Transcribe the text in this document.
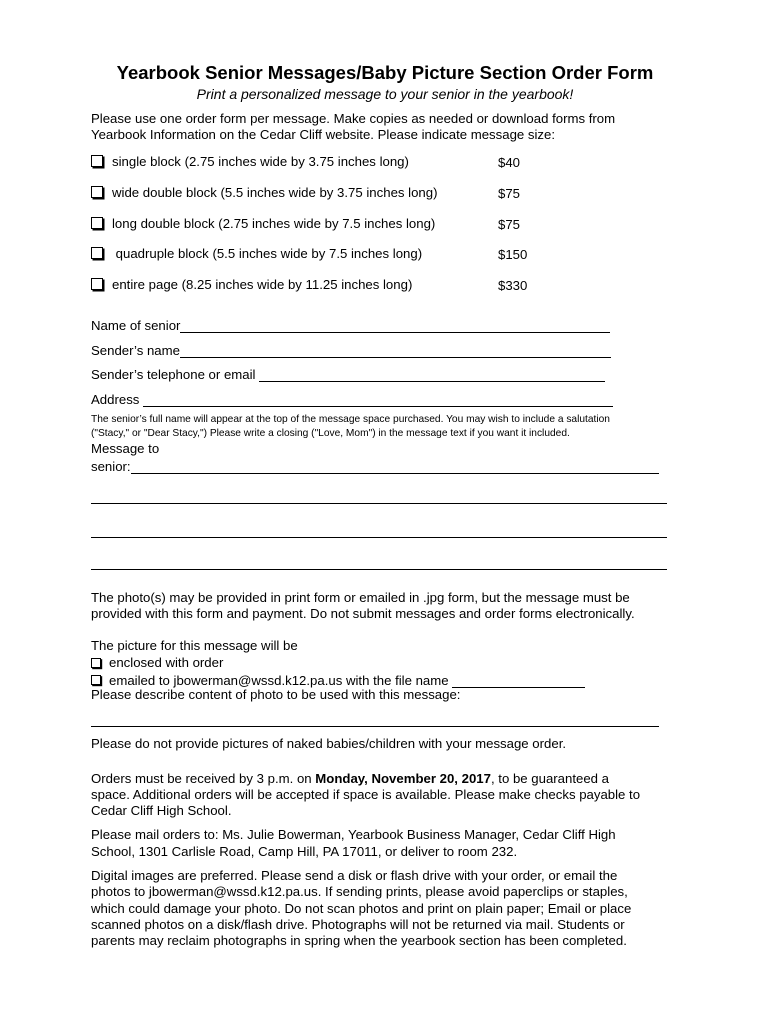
Yearbook Senior Messages/Baby Picture Section Order Form
Print a personalized message to your senior in the yearbook!
Please use one order form per message. Make copies as needed or download forms from
Yearbook Information on the Cedar Cliff website. Please indicate message size:
single block (2.75 inches wide by 3.75 inches long)	$40
wide double block (5.5 inches wide by 3.75 inches long)	$75
long double block (2.75 inches wide by 7.5 inches long)	$75
quadruple block (5.5 inches wide by 7.5 inches long)	$150
entire page (8.25 inches wide by 11.25 inches long)	$330
Name of senior
Sender’s name
Sender’s telephone or email
Address
The senior’s full name will appear at the top of the message space purchased. You may wish to include a salutation
("Stacy," or "Dear Stacy,") Please write a closing ("Love, Mom") in the message text if you want it included.
Message to
senior:
The photo(s) may be provided in print form or emailed in .jpg form, but the message must be
provided with this form and payment. Do not submit messages and order forms electronically.
The picture for this message will be
enclosed with order
emailed to jbowerman@wssd.k12.pa.us with the file name
Please describe content of photo to be used with this message:
Please do not provide pictures of naked babies/children with your message order.
Orders must be received by 3 p.m. on Monday, November 20, 2017, to be guaranteed a
space. Additional orders will be accepted if space is available. Please make checks payable to
Cedar Cliff High School.
Please mail orders to: Ms. Julie Bowerman, Yearbook Business Manager, Cedar Cliff High
School, 1301 Carlisle Road, Camp Hill, PA 17011, or deliver to room 232.
Digital images are preferred. Please send a disk or flash drive with your order, or email the
photos to jbowerman@wssd.k12.pa.us. If sending prints, please avoid paperclips or staples,
which could damage your photo. Do not scan photos and print on plain paper; Email or place
scanned photos on a disk/flash drive. Photographs will not be returned via mail. Students or
parents may reclaim photographs in spring when the yearbook section has been completed.
